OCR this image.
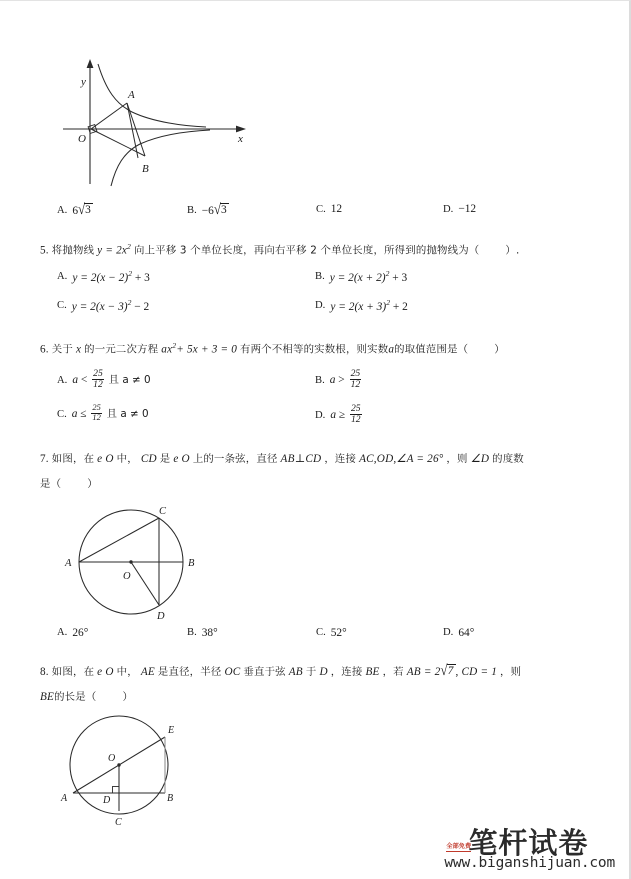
y
x
O
A
B
A. 6 √ 3	B. −6 √ 3	C. 12	D. −12
5. 将抛物线 $y = 2x^2$ 向上平移 3 个单位长度，再向右平移 2 个单位长度，所得到的抛物线为（	）.
A. $y = 2(x - 2)^2 + 3$	B. $y = 2(x + 2)^2 + 3$
C. $y = 2(x - 3)^2 - 2$	D. $y = 2(x + 3)^2 + 2$
6. 关于 x 的一元二次方程 $ax^2+ 5x + 3 = 0$ 有两个不相等的实数根，则实数a的取值范围是（	）
A. $a < \frac{25}{12}$ 且 a ≠ 0	B. $a > \frac{25}{12}$
C. $a \le \frac{25}{12}$ 且 a ≠ 0	D. $a \ge \frac{25}{12}$
7. 如图，在 e O 中， CD 是 e O 上的一条弦，直径 AB⊥CD ，连接 AC,OD,∠A = 26° ，则 ∠D 的度数
是（	）
A	B
C
D
O
A. 26°	B. 38°	C. 52°	D. 64°
8. 如图，在 e O 中， AE 是直径，半径 OC 垂直于弦 AB 于 D ，连接 BE ，若 AB = 2 √ 7 , CD = 1 ，则
BE的长是（	）
A	B
C
D
E
O
全部免费
笔杆试卷
www.biganshijuan.com
